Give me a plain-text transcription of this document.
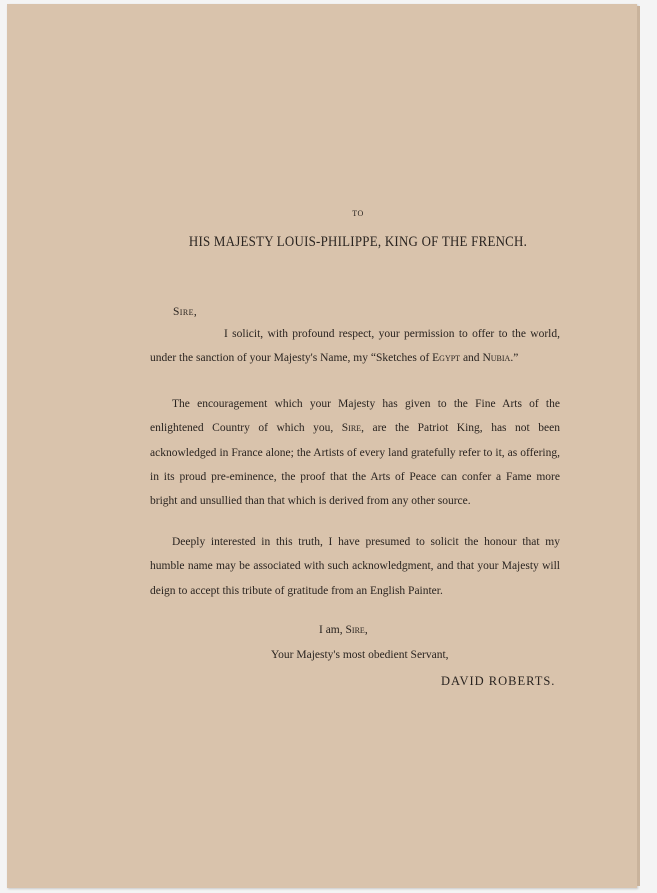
TO
HIS MAJESTY LOUIS-PHILIPPE, KING OF THE FRENCH.
Sire,
I solicit, with profound respect, your permission to offer to the world, under the sanction of your Majesty's Name, my “Sketches of Egypt and Nubia.”
The encouragement which your Majesty has given to the Fine Arts of the enlightened Country of which you, Sire, are the Patriot King, has not been acknowledged in France alone; the Artists of every land gratefully refer to it, as offering, in its proud pre-eminence, the proof that the Arts of Peace can confer a Fame more bright and unsullied than that which is derived from any other source.
Deeply interested in this truth, I have presumed to solicit the honour that my humble name may be associated with such acknowledgment, and that your Majesty will deign to accept this tribute of gratitude from an English Painter.
I am, Sire,
Your Majesty's most obedient Servant,
DAVID ROBERTS.
